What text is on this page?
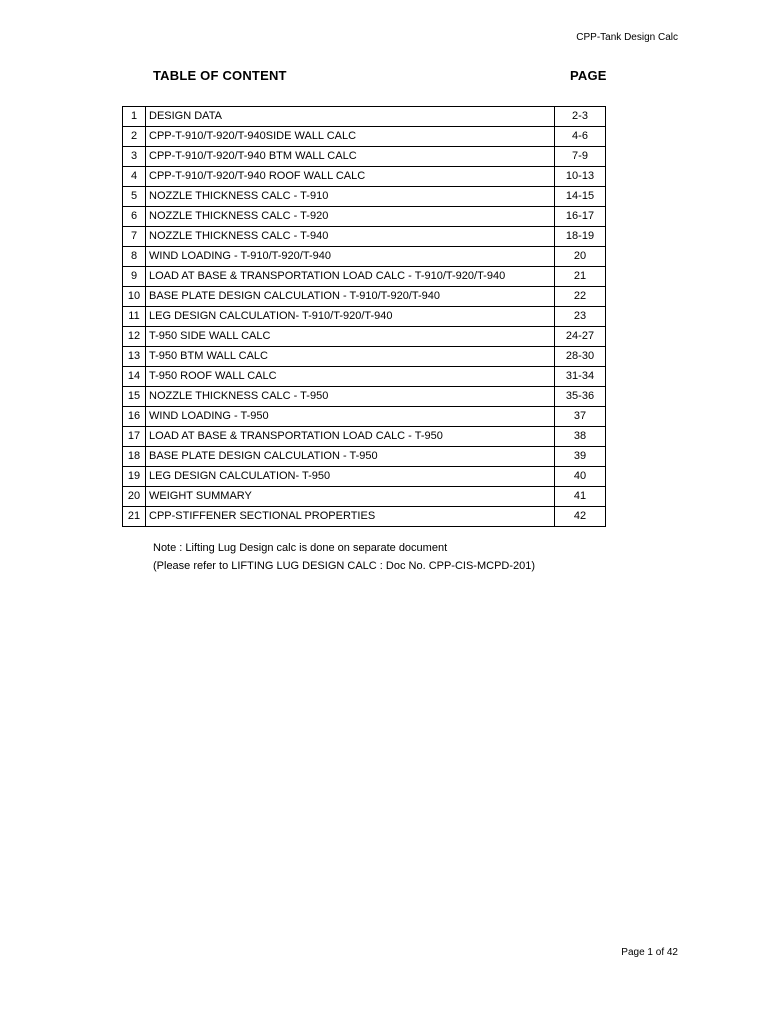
CPP-Tank Design Calc
TABLE OF CONTENT	PAGE
1	DESIGN DATA	2-3
2	CPP-T-910/T-920/T-940SIDE WALL CALC	4-6
3	CPP-T-910/T-920/T-940 BTM WALL CALC	7-9
4	CPP-T-910/T-920/T-940 ROOF WALL CALC	10-13
5	NOZZLE THICKNESS CALC - T-910	14-15
6	NOZZLE THICKNESS CALC - T-920	16-17
7	NOZZLE THICKNESS CALC - T-940	18-19
8	WIND LOADING - T-910/T-920/T-940	20
9	LOAD AT BASE & TRANSPORTATION LOAD CALC - T-910/T-920/T-940	21
10	BASE PLATE DESIGN CALCULATION - T-910/T-920/T-940	22
11	LEG DESIGN CALCULATION- T-910/T-920/T-940	23
12	T-950 SIDE WALL CALC	24-27
13	T-950 BTM WALL CALC	28-30
14	T-950 ROOF WALL CALC	31-34
15	NOZZLE THICKNESS CALC - T-950	35-36
16	WIND LOADING - T-950	37
17	LOAD AT BASE & TRANSPORTATION LOAD CALC - T-950	38
18	BASE PLATE DESIGN CALCULATION - T-950	39
19	LEG DESIGN CALCULATION- T-950	40
20	WEIGHT SUMMARY	41
21	CPP-STIFFENER SECTIONAL PROPERTIES	42
Note : Lifting Lug Design calc is done on separate document
(Please refer to LIFTING LUG DESIGN CALC : Doc No. CPP-CIS-MCPD-201)
Page 1 of 42
